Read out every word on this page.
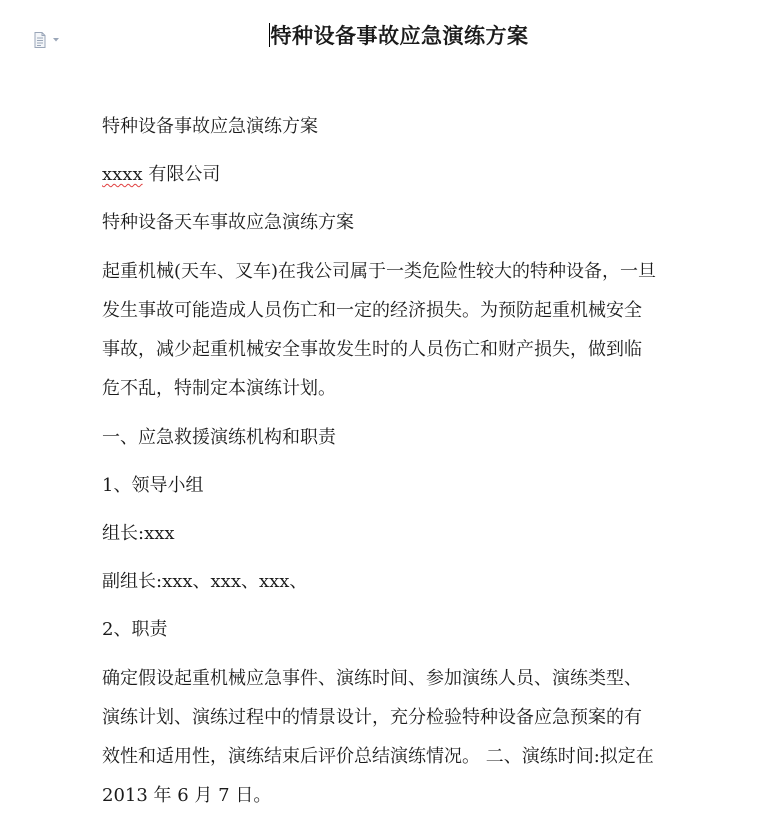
特种设备事故应急演练方案

特种设备事故应急演练方案

xxxx 有限公司

特种设备天车事故应急演练方案

起重机械(天车、叉车)在我公司属于一类危险性较大的特种设备，一旦
发生事故可能造成人员伤亡和一定的经济损失。为预防起重机械安全
事故，减少起重机械安全事故发生时的人员伤亡和财产损失，做到临
危不乱，特制定本演练计划。

一、应急救援演练机构和职责

1、领导小组

组长:xxx

副组长:xxx、xxx、xxx、

2、职责

确定假设起重机械应急事件、演练时间、参加演练人员、演练类型、
演练计划、演练过程中的情景设计，充分检验特种设备应急预案的有
效性和适用性，演练结束后评价总结演练情况。 二、演练时间:拟定在
2013 年 6 月 7 日。
